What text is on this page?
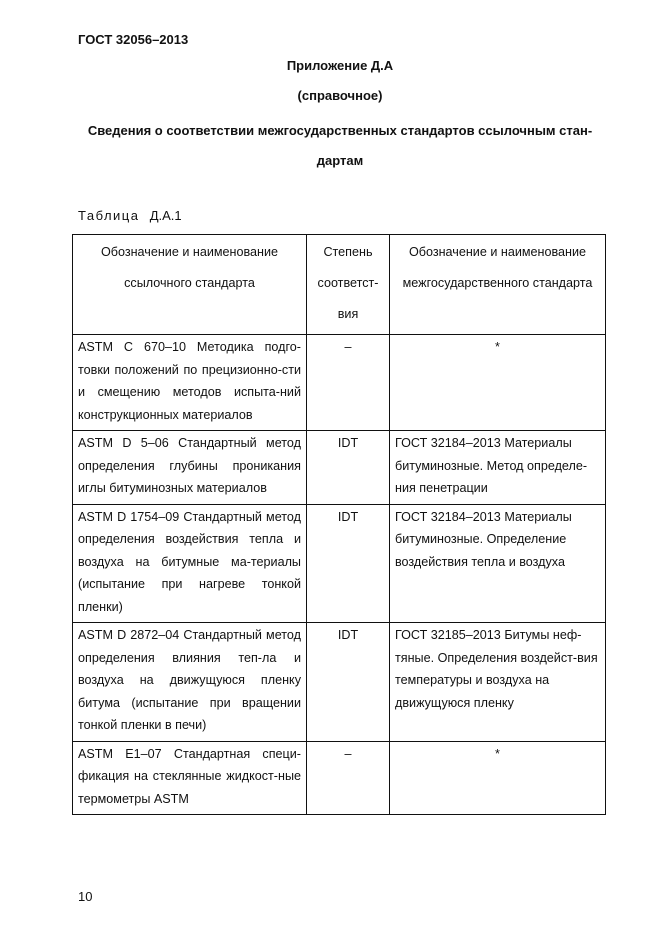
ГОСТ 32056–2013
Приложение Д.А
(справочное)
Сведения о соответствии межгосударственных стандартов ссылочным стан-дартам
Таблица Д.А.1
Обозначение и наименование ссылочного стандарта	Степень соответст-вия	Обозначение и наименование межгосударственного стандарта
ASTM C 670–10 Методика подго-товки положений по прецизионно-сти и смещению методов испыта-ний конструкционных материалов	–	*
ASTM D 5–06 Стандартный метод определения глубины проникания иглы битуминозных материалов	IDT	ГОСТ 32184–2013 Материалы битуминозные. Метод определе-ния пенетрации
ASTM D 1754–09 Стандартный метод определения воздействия тепла и воздуха на битумные ма-териалы (испытание при нагреве тонкой пленки)	IDT	ГОСТ 32184–2013 Материалы битуминозные. Определение воздействия тепла и воздуха
ASTM D 2872–04 Стандартный метод определения влияния теп-ла и воздуха на движущуюся пленку битума (испытание при вращении тонкой пленки в печи)	IDT	ГОСТ 32185–2013 Битумы неф-тяные. Определения воздейст-вия температуры и воздуха на движущуюся пленку
ASTM E1–07 Стандартная специ-фикация на стеклянные жидкост-ные термометры ASTM	–	*
10
